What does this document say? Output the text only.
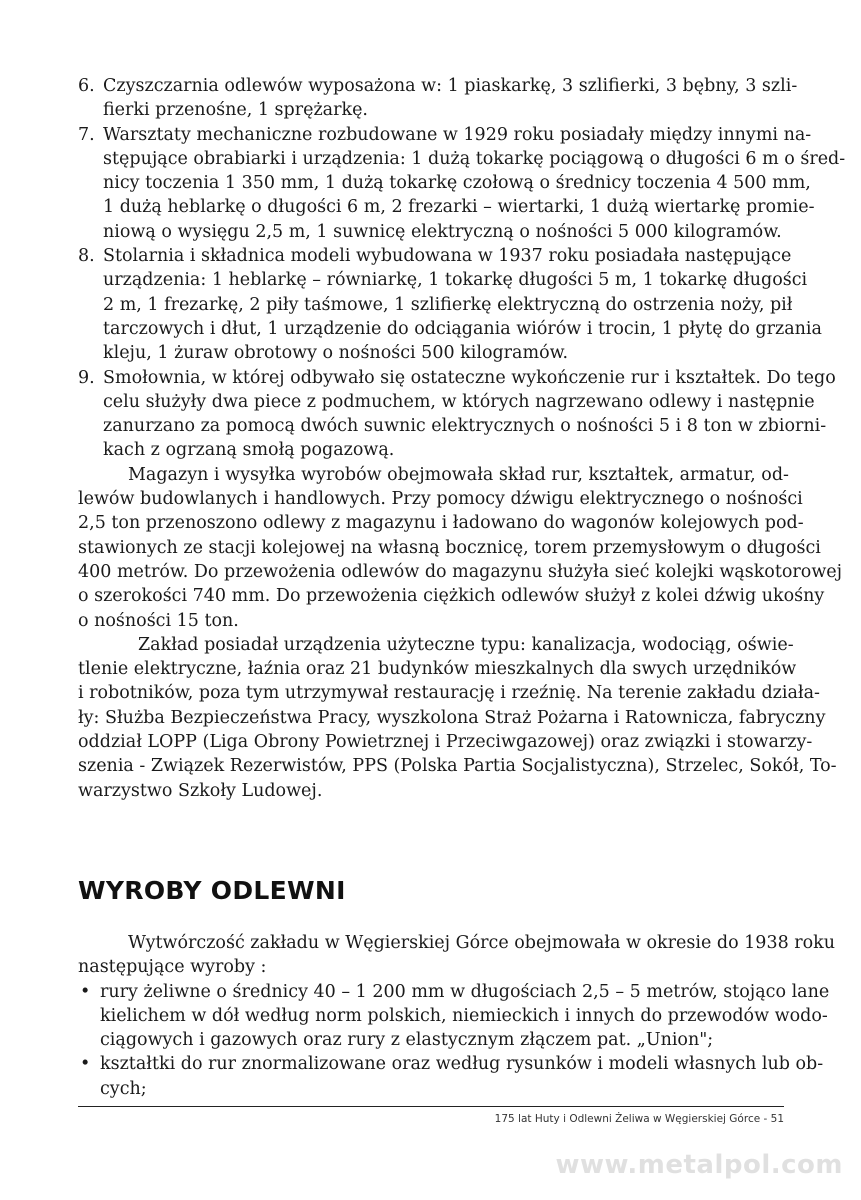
6. Czyszczarnia odlewów wyposażona w: 1 piaskarkę, 3 szlifierki, 3 bębny, 3 szli-
fierki przenośne, 1 sprężarkę.
7. Warsztaty mechaniczne rozbudowane w 1929 roku posiadały między innymi na-
stępujące obrabiarki i urządzenia: 1 dużą tokarkę pociągową o długości 6 m o śred-
nicy toczenia 1 350 mm, 1 dużą tokarkę czołową o średnicy toczenia 4 500 mm,
1 dużą heblarkę o długości 6 m, 2 frezarki – wiertarki, 1 dużą wiertarkę promie-
niową o wysięgu 2,5 m, 1 suwnicę elektryczną o nośności 5 000 kilogramów.
8. Stolarnia i składnica modeli wybudowana w 1937 roku posiadała następujące
urządzenia: 1 heblarkę – równiarkę, 1 tokarkę długości 5 m, 1 tokarkę długości
2 m, 1 frezarkę, 2 piły taśmowe, 1 szlifierkę elektryczną do ostrzenia noży, pił
tarczowych i dłut, 1 urządzenie do odciągania wiórów i trocin, 1 płytę do grzania
kleju, 1 żuraw obrotowy o nośności 500 kilogramów.
9. Smołownia, w której odbywało się ostateczne wykończenie rur i kształtek. Do tego
celu służyły dwa piece z podmuchem, w których nagrzewano odlewy i następnie
zanurzano za pomocą dwóch suwnic elektrycznych o nośności 5 i 8 ton w zbiorni-
kach z ogrzaną smołą pogazową.
Magazyn i wysyłka wyrobów obejmowała skład rur, kształtek, armatur, od-
lewów budowlanych i handlowych. Przy pomocy dźwigu elektrycznego o nośności
2,5 ton przenoszono odlewy z magazynu i ładowano do wagonów kolejowych pod-
stawionych ze stacji kolejowej na własną bocznicę, torem przemysłowym o długości
400 metrów. Do przewożenia odlewów do magazynu służyła sieć kolejki wąskotorowej
o szerokości 740 mm. Do przewożenia ciężkich odlewów służył z kolei dźwig ukośny
o nośności 15 ton.
Zakład posiadał urządzenia użyteczne typu: kanalizacja, wodociąg, oświe-
tlenie elektryczne, łaźnia oraz 21 budynków mieszkalnych dla swych urzędników
i robotników, poza tym utrzymywał restaurację i rzeźnię. Na terenie zakładu działa-
ły: Służba Bezpieczeństwa Pracy, wyszkolona Straż Pożarna i Ratownicza, fabryczny
oddział LOPP (Liga Obrony Powietrznej i Przeciwgazowej) oraz związki i stowarzy-
szenia - Związek Rezerwistów, PPS (Polska Partia Socjalistyczna), Strzelec, Sokół, To-
warzystwo Szkoły Ludowej.
WYROBY ODLEWNI
Wytwórczość zakładu w Węgierskiej Górce obejmowała w okresie do 1938 roku
następujące wyroby :
• rury żeliwne o średnicy 40 – 1 200 mm w długościach 2,5 – 5 metrów, stojąco lane
kielichem w dół według norm polskich, niemieckich i innych do przewodów wodo-
ciągowych i gazowych oraz rury z elastycznym złączem pat. „Union";
• kształtki do rur znormalizowane oraz według rysunków i modeli własnych lub ob-
cych;
175 lat Huty i Odlewni Żeliwa w Węgierskiej Górce - 51
www.metalpol.com
